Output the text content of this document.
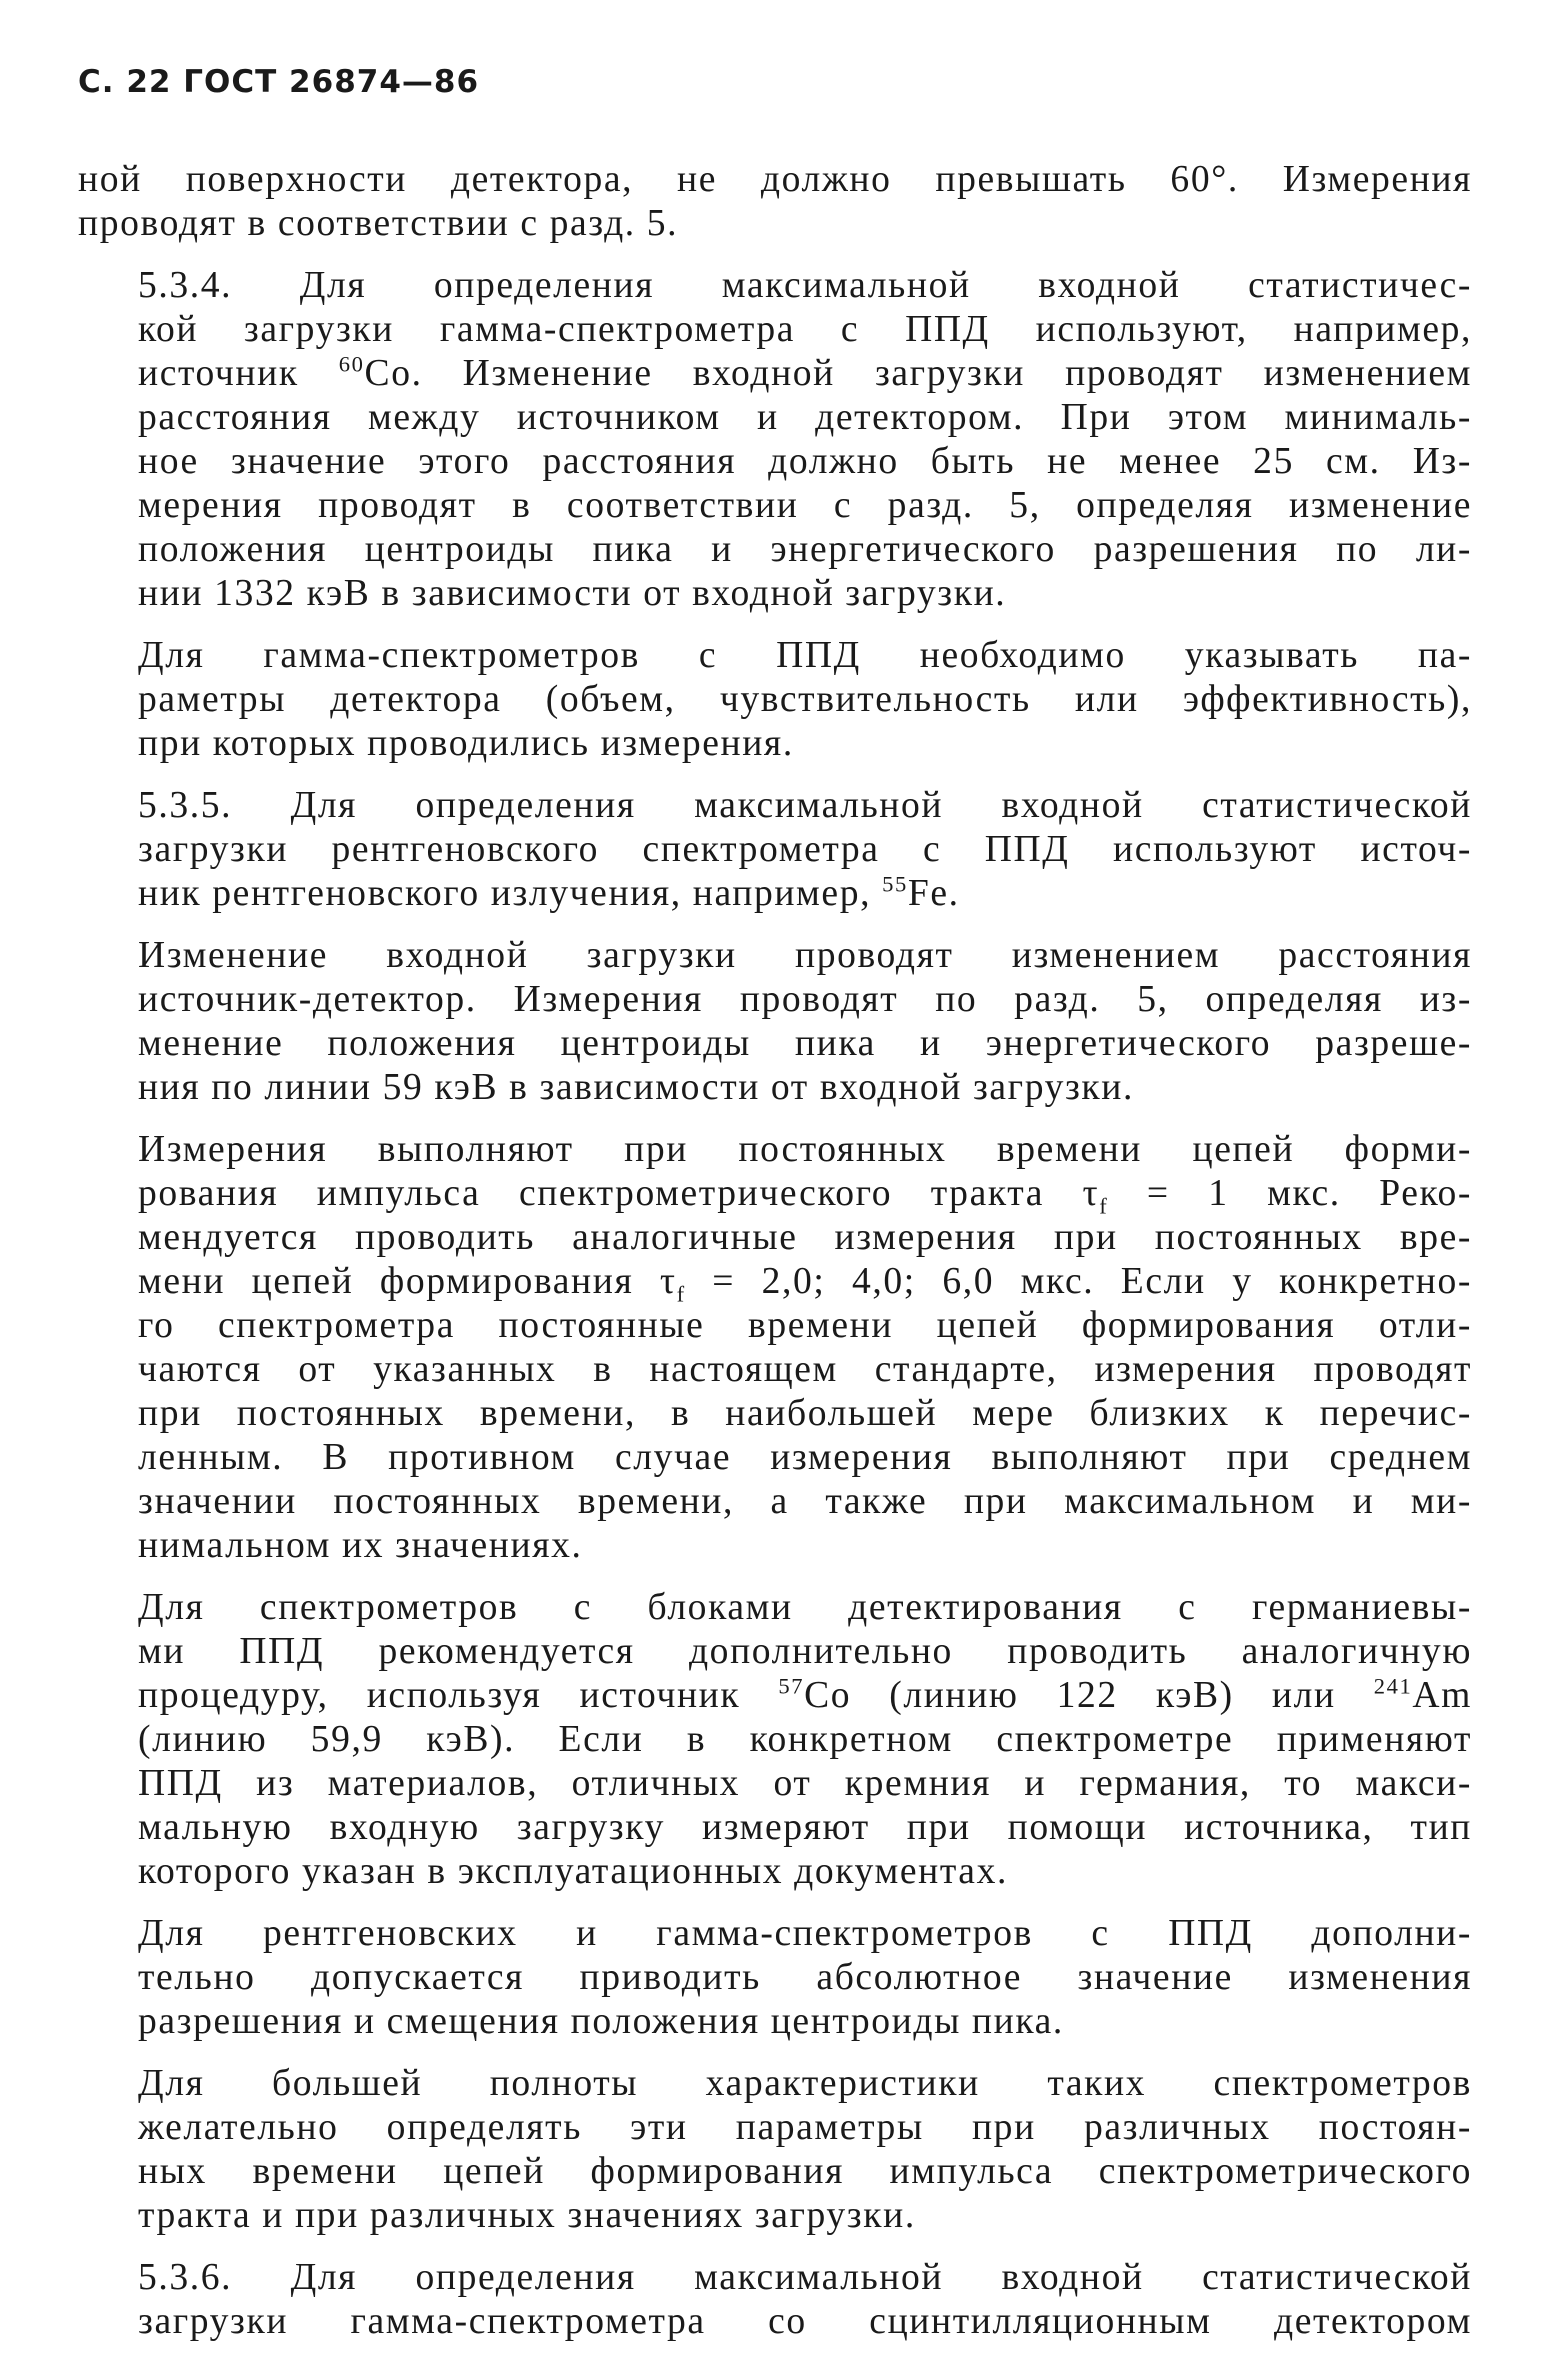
С. 22 ГОСТ 26874—86

ной поверхности детектора, не должно превышать 60°. Измерения
проводят в соответствии с разд. 5.

5.3.4. Для определения максимальной входной статистичес-
кой загрузки гамма-спектрометра с ППД используют, например,
источник $^{60}$Co. Изменение входной загрузки проводят изменением
расстояния между источником и детектором. При этом минималь-
ное значение этого расстояния должно быть не менее 25 см. Из-
мерения проводят в соответствии с разд. 5, определяя изменение
положения центроиды пика и энергетического разрешения по ли-
нии 1332 кэВ в зависимости от входной загрузки.

Для гамма-спектрометров с ППД необходимо указывать па-
раметры детектора (объем, чувствительность или эффективность),
при которых проводились измерения.

5.3.5. Для определения максимальной входной статистической
загрузки рентгеновского спектрометра с ППД используют источ-
ник рентгеновского излучения, например, $^{55}$Fe.

Изменение входной загрузки проводят изменением расстояния
источник-детектор. Измерения проводят по разд. 5, определяя из-
менение положения центроиды пика и энергетического разреше-
ния по линии 59 кэВ в зависимости от входной загрузки.

Измерения выполняют при постоянных времени цепей форми-
рования импульса спектрометрического тракта $\tau_f = 1$ мкс. Реко-
мендуется проводить аналогичные измерения при постоянных вре-
мени цепей формирования $\tau_f = 2,0$; 4,0; 6,0 мкс. Если у конкретно-
го спектрометра постоянные времени цепей формирования отли-
чаются от указанных в настоящем стандарте, измерения проводят
при постоянных времени, в наибольшей мере близких к перечис-
ленным. В противном случае измерения выполняют при среднем
значении постоянных времени, а также при максимальном и ми-
нимальном их значениях.

Для спектрометров с блоками детектирования с германиевы-
ми ППД рекомендуется дополнительно проводить аналогичную
процедуру, используя источник $^{57}$Co (линию 122 кэВ) или $^{241}$Am
(линию 59,9 кэВ). Если в конкретном спектрометре применяют
ППД из материалов, отличных от кремния и германия, то макси-
мальную входную загрузку измеряют при помощи источника, тип
которого указан в эксплуатационных документах.

Для рентгеновских и гамма-спектрометров с ППД дополни-
тельно допускается приводить абсолютное значение изменения
разрешения и смещения положения центроиды пика.

Для большей полноты характеристики таких спектрометров
желательно определять эти параметры при различных постоян-
ных времени цепей формирования импульса спектрометрического
тракта и при различных значениях загрузки.

5.3.6. Для определения максимальной входной статистической
загрузки гамма-спектрометра со сцинтилляционным детектором
